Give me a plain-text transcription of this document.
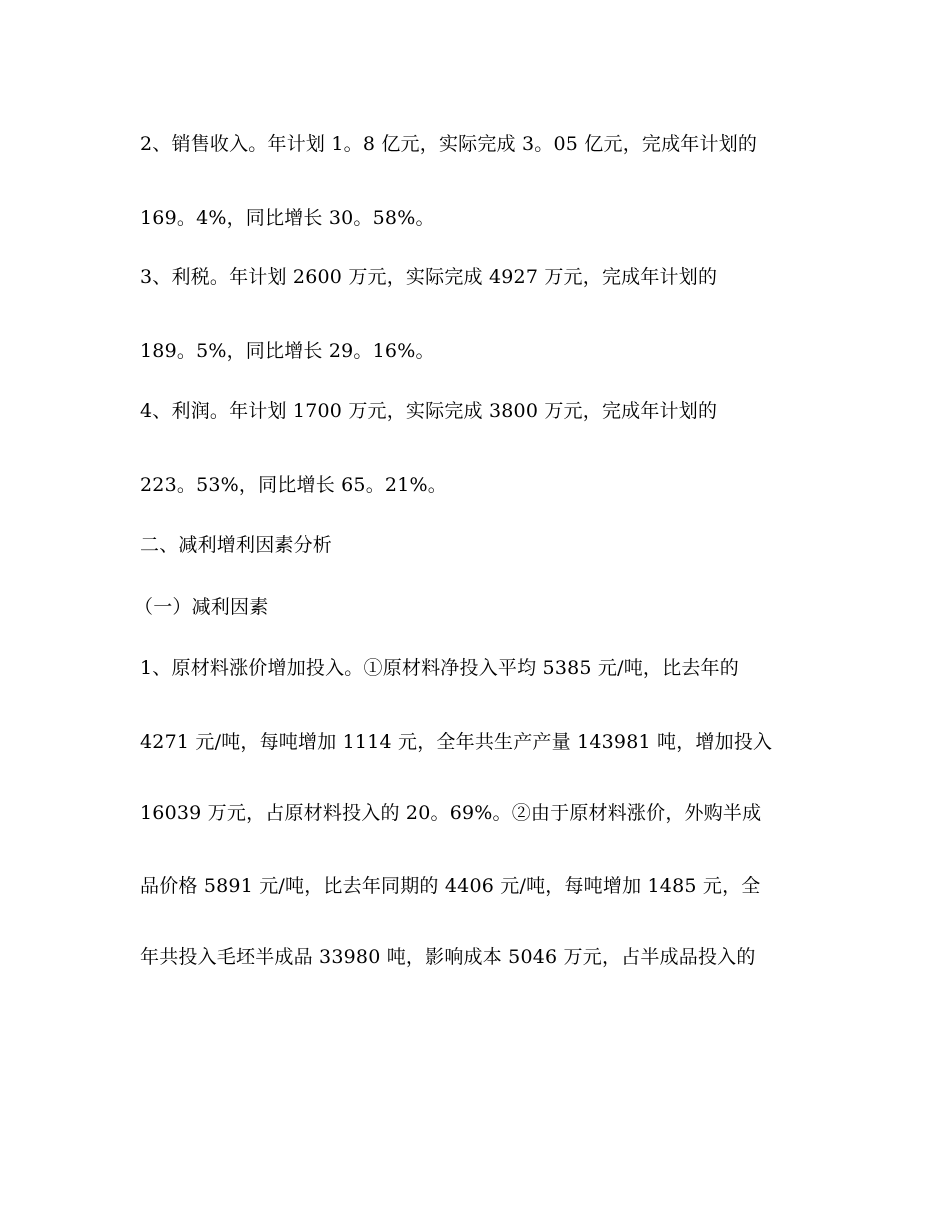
2、销售收入。年计划 1。8 亿元，实际完成 3。05 亿元，完成年计划的
169。4%，同比增长 30。58%。
3、利税。年计划 2600 万元，实际完成 4927 万元，完成年计划的
189。5%，同比增长 29。16%。
4、利润。年计划 1700 万元，实际完成 3800 万元，完成年计划的
223。53%，同比增长 65。21%。
二、减利增利因素分析
（一）减利因素
1、原材料涨价增加投入。①原材料净投入平均 5385 元/吨，比去年的
4271 元/吨，每吨增加 1114 元，全年共生产产量 143981 吨，增加投入
16039 万元，占原材料投入的 20。69%。②由于原材料涨价，外购半成
品价格 5891 元/吨，比去年同期的 4406 元/吨，每吨增加 1485 元，全
年共投入毛坯半成品 33980 吨，影响成本 5046 万元，占半成品投入的
